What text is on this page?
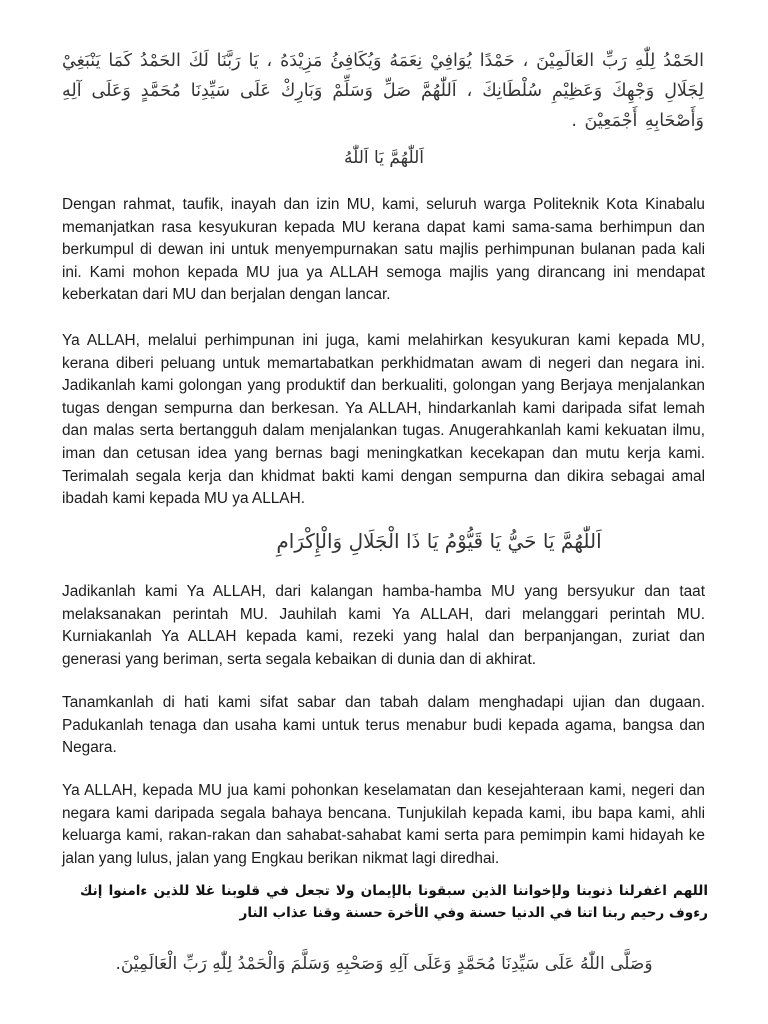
الحَمْدُ لِلّٰهِ رَبِّ العَالَمِيْنَ ، حَمْدًا يُوَافِيْ نِعَمَهُ وَيُكَافِئُ مَزِيْدَهُ ، يَا رَبَّنَا لَكَ الحَمْدُ كَمَا يَنْبَغِيْ لِجَلَالِ وَجْهِكَ وَعَظِيْمِ سُلْطَانِكَ ، اَللّٰهُمَّ صَلِّ وَسَلِّمْ وَبَارِكْ عَلَى سَيِّدِنَا مُحَمَّدٍ وَعَلَى آلِهِ وَأَصْحَابِهِ أَجْمَعِيْنَ .
اَللّٰهُمَّ يَا اَللّٰهُ
Dengan rahmat, taufik, inayah dan izin MU, kami, seluruh warga Politeknik Kota Kinabalu memanjatkan rasa kesyukuran kepada MU kerana dapat kami sama-sama berhimpun dan berkumpul di dewan ini untuk menyempurnakan satu majlis perhimpunan bulanan pada kali ini. Kami mohon kepada MU jua ya ALLAH semoga majlis yang dirancang ini mendapat keberkatan dari MU dan berjalan dengan lancar.
Ya ALLAH, melalui perhimpunan ini juga, kami melahirkan kesyukuran kami kepada MU, kerana diberi peluang untuk memartabatkan perkhidmatan awam di negeri dan negara ini. Jadikanlah kami golongan yang produktif dan berkualiti, golongan yang Berjaya menjalankan tugas dengan sempurna dan berkesan. Ya ALLAH, hindarkanlah kami daripada sifat lemah dan malas serta bertangguh dalam menjalankan tugas. Anugerahkanlah kami kekuatan ilmu, iman dan cetusan idea yang bernas bagi meningkatkan kecekapan dan mutu kerja kami. Terimalah segala kerja dan khidmat bakti kami dengan sempurna dan dikira sebagai amal ibadah kami kepada MU ya ALLAH.
اَللّٰهُمَّ يَا حَيُّ يَا قَيُّوْمُ يَا ذَا الْجَلَالِ وَالْإِكْرَامِ
Jadikanlah kami Ya ALLAH, dari kalangan hamba-hamba MU yang bersyukur dan taat melaksanakan perintah MU. Jauhilah kami Ya ALLAH, dari melanggari perintah MU. Kurniakanlah Ya ALLAH kepada kami, rezeki yang halal dan berpanjangan, zuriat dan generasi yang beriman, serta segala kebaikan di dunia dan di akhirat.
Tanamkanlah di hati kami sifat sabar dan tabah dalam menghadapi ujian dan dugaan. Padukanlah tenaga dan usaha kami untuk terus menabur budi kepada agama, bangsa dan Negara.
Ya ALLAH, kepada MU jua kami pohonkan keselamatan dan kesejahteraan kami, negeri dan negara kami daripada segala bahaya bencana. Tunjukilah kepada kami, ibu bapa kami, ahli keluarga kami, rakan-rakan dan sahabat-sahabat kami serta para pemimpin kami hidayah ke jalan yang lulus, jalan yang Engkau berikan nikmat lagi diredhai.
اللهم اغفرلنا ذنوبنا ولإخواننا الذين سبقونا بالإيمان ولا تجعل في قلوبنا غلا للذين ءامنوا إنك رءوف رحيم ربنا اتنا في الدنيا حسنة وفي الأخرة حسنة وقنا عذاب النار
وَصَلَّى اللّٰهُ عَلَى سَيِّدِنَا مُحَمَّدٍ وَعَلَى آلِهِ وَصَحْبِهِ وَسَلَّمَ وَالْحَمْدُ لِلّٰهِ رَبِّ الْعَالَمِيْنَ.
